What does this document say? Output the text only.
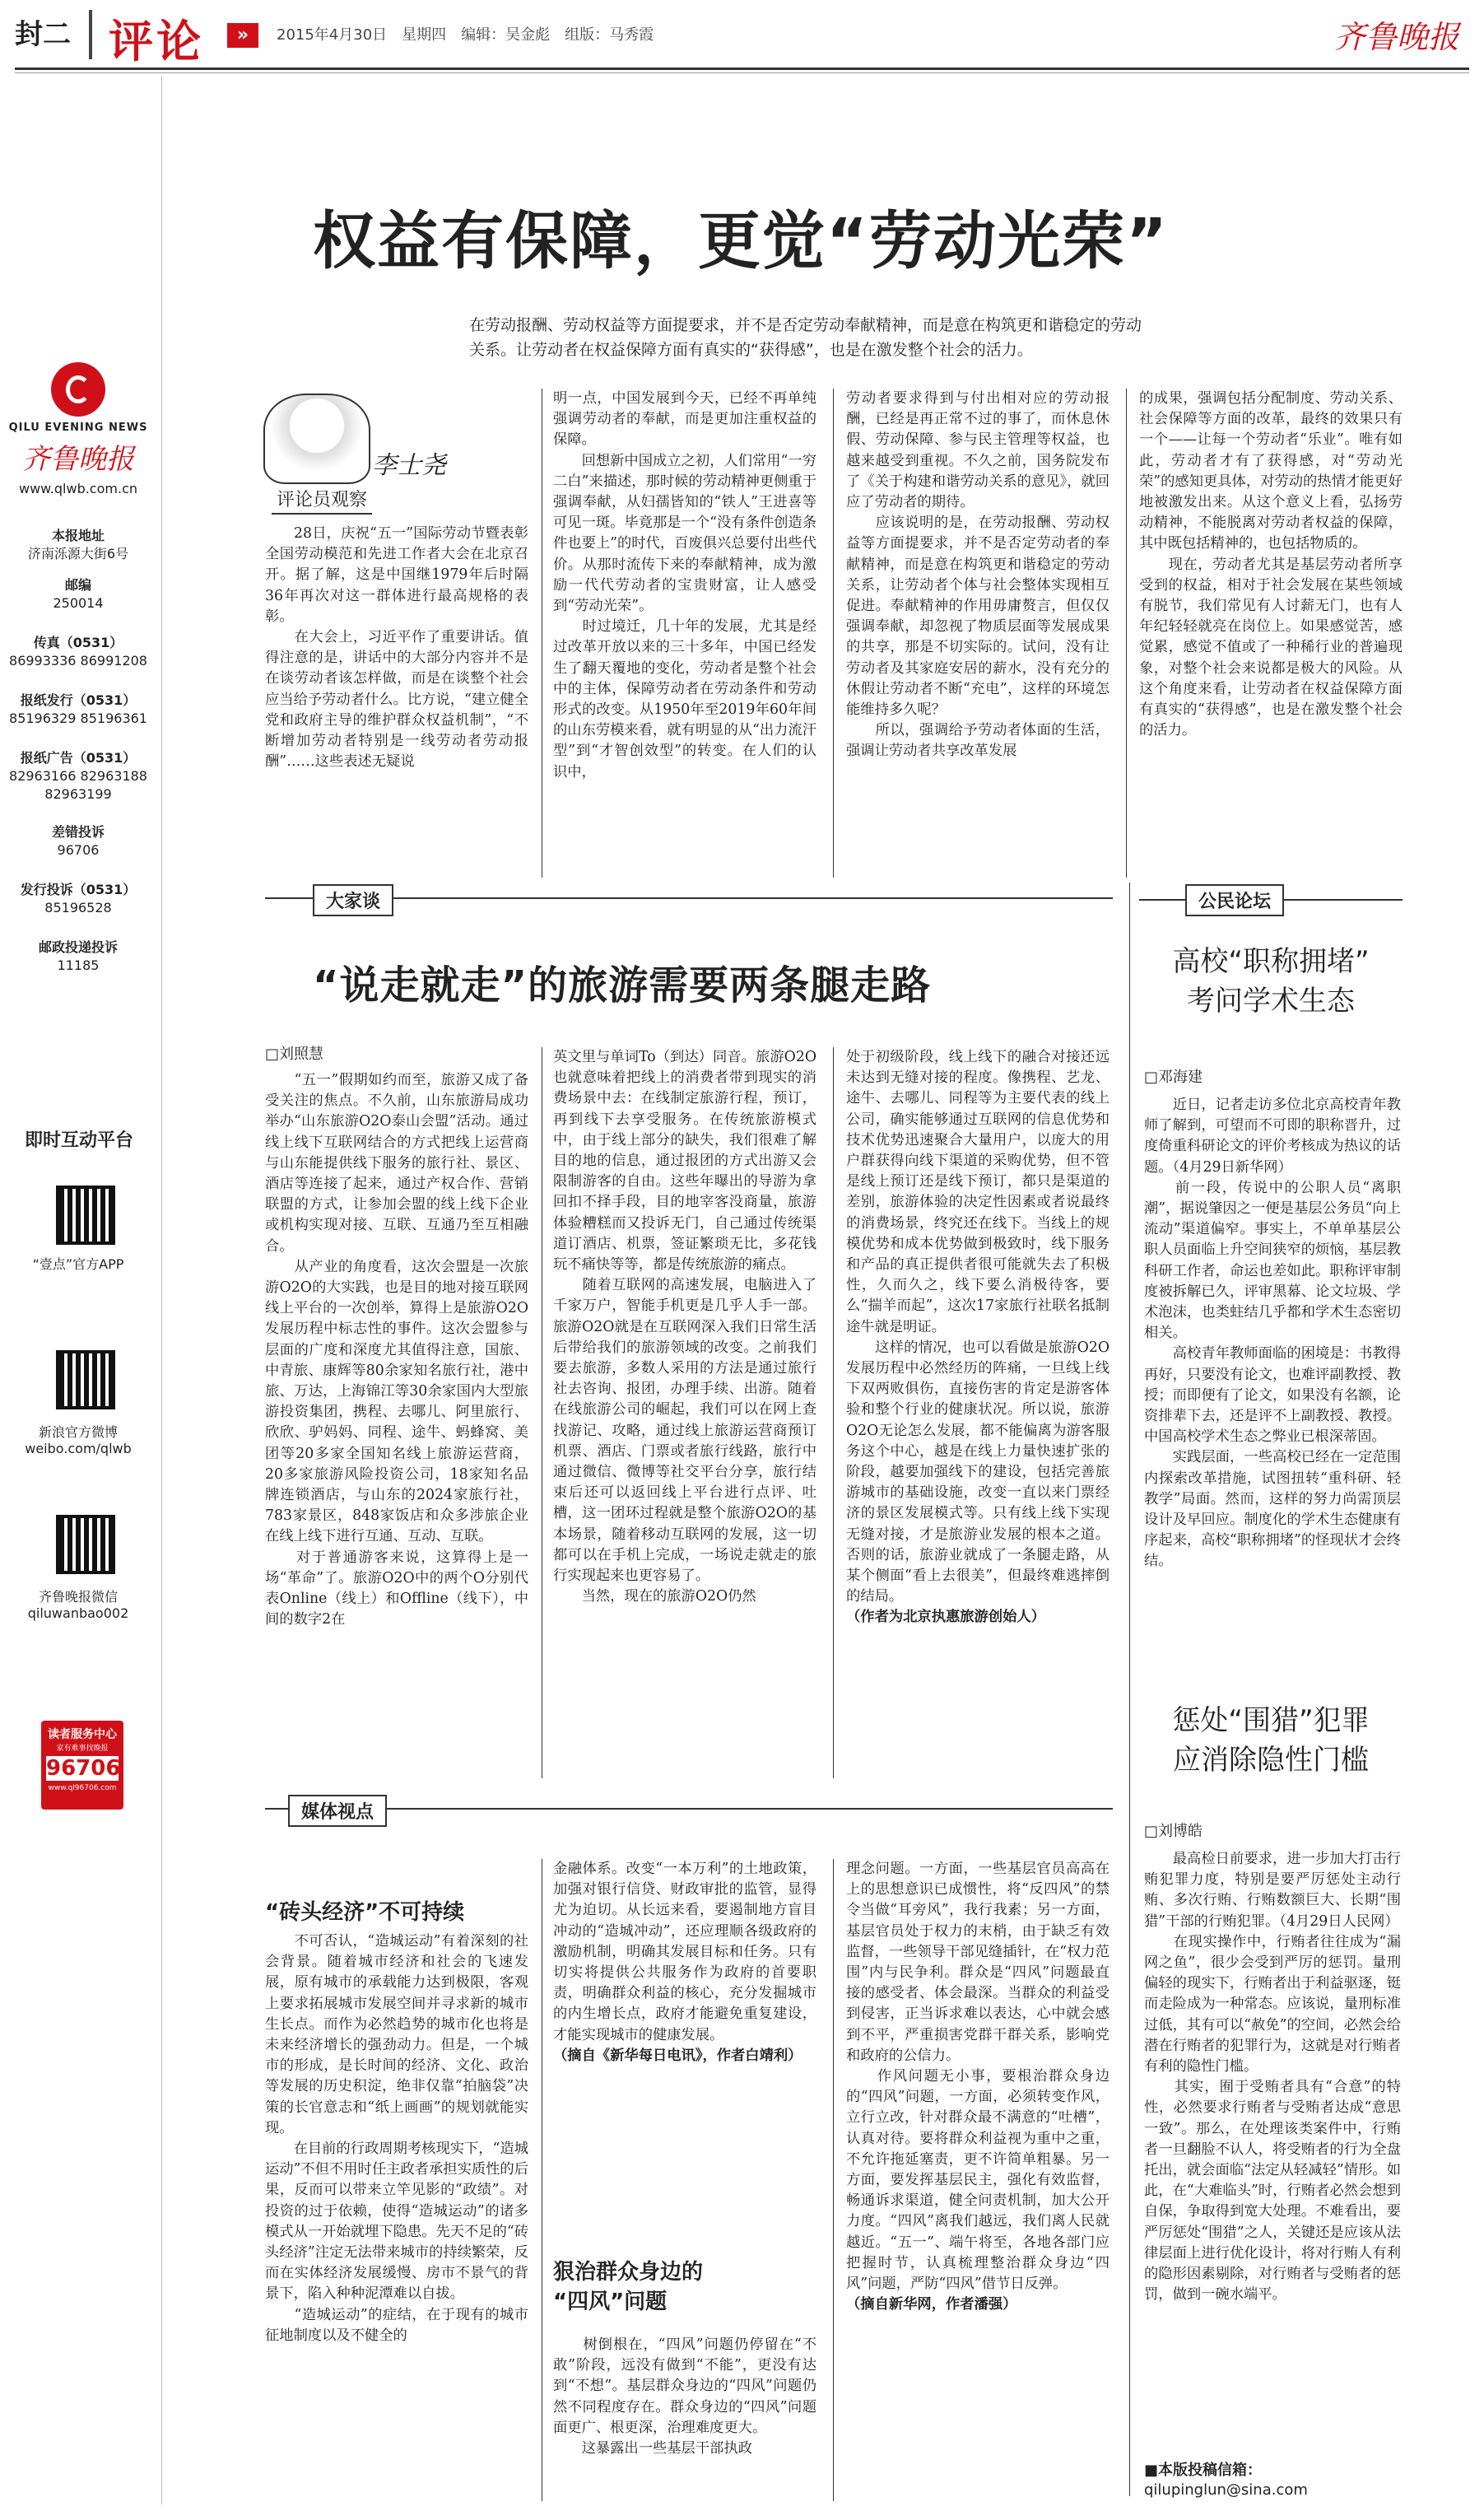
封二 评论	»	2015年4月30日　星期四　编辑：吴金彪　组版：马秀霞	齐鲁晚报
QILU EVENING NEWS
齐鲁晚报
www.qlwb.com.cn
本报地址
济南泺源大街6号
邮编
250014
传真（0531）
86993336 86991208
报纸发行（0531）
85196329 85196361
报纸广告（0531）
82963166 82963188
82963199
差错投诉
96706
发行投诉（0531）
85196528
邮政投递投诉
11185
即时互动平台
“壹点”官方APP
新浪官方微博
weibo.com/qlwb
齐鲁晚报微信
qiluwanbao002
读者服务中心
家有难事找晚报
96706
www.ql96706.com
权益有保障，更觉“劳动光荣”
在劳动报酬、劳动权益等方面提要求，并不是否定劳动奉献精神，而是意在构筑更和谐稳定的劳动关系。让劳动者在权益保障方面有真实的“获得感”，也是在激发整个社会的活力。
李士尧
评论员观察
　　28日，庆祝“五一”国际劳动节暨表彰全国劳动模范和先进工作者大会在北京召开。据了解，这是中国继1979年后时隔36年再次对这一群体进行最高规格的表彰。
　　在大会上，习近平作了重要讲话。值得注意的是，讲话中的大部分内容并不是在谈劳动者该怎样做，而是在谈整个社会应当给予劳动者什么。比方说，“建立健全党和政府主导的维护群众权益机制”，“不断增加劳动者特别是一线劳动者劳动报酬”……这些表述无疑说
明一点，中国发展到今天，已经不再单纯强调劳动者的奉献，而是更加注重权益的保障。
　　回想新中国成立之初，人们常用“一穷二白”来描述，那时候的劳动精神更侧重于强调奉献，从妇孺皆知的“铁人”王进喜等可见一斑。毕竟那是一个“没有条件创造条件也要上”的时代，百废俱兴总要付出些代价。从那时流传下来的奉献精神，成为激励一代代劳动者的宝贵财富，让人感受到“劳动光荣”。
　　时过境迁，几十年的发展，尤其是经过改革开放以来的三十多年，中国已经发生了翻天覆地的变化，劳动者是整个社会中的主体，保障劳动者在劳动条件和劳动形式的改变。从1950年至2019年60年间的山东劳模来看，就有明显的从“出力流汗型”到“才智创效型”的转变。在人们的认识中，
劳动者要求得到与付出相对应的劳动报酬，已经是再正常不过的事了，而休息休假、劳动保障、参与民主管理等权益，也越来越受到重视。不久之前，国务院发布了《关于构建和谐劳动关系的意见》，就回应了劳动者的期待。
　　应该说明的是，在劳动报酬、劳动权益等方面提要求，并不是否定劳动者的奉献精神，而是意在构筑更和谐稳定的劳动关系，让劳动者个体与社会整体实现相互促进。奉献精神的作用毋庸赘言，但仅仅强调奉献，却忽视了物质层面等发展成果的共享，那是不切实际的。试问，没有让劳动者及其家庭安居的薪水，没有充分的休假让劳动者不断“充电”，这样的环境怎能维持多久呢？
　　所以，强调给予劳动者体面的生活，强调让劳动者共享改革发展
的成果，强调包括分配制度、劳动关系、社会保障等方面的改革，最终的效果只有一个——让每一个劳动者“乐业”。唯有如此，劳动者才有了获得感，对“劳动光荣”的感知更具体，对劳动的热情才能更好地被激发出来。从这个意义上看，弘扬劳动精神，不能脱离对劳动者权益的保障，其中既包括精神的，也包括物质的。
　　现在，劳动者尤其是基层劳动者所享受到的权益，相对于社会发展在某些领域有脱节，我们常见有人讨薪无门，也有人年纪轻轻就亮在岗位上。如果感觉苦，感觉累，感觉不值或了一种稀行业的普遍现象，对整个社会来说都是极大的风险。从这个角度来看，让劳动者在权益保障方面有真实的“获得感”，也是在激发整个社会的活力。
大家谈
“说走就走”的旅游需要两条腿走路
□刘照慧
　　“五一”假期如约而至，旅游又成了备受关注的焦点。不久前，山东旅游局成功举办“山东旅游O2O泰山会盟”活动。通过线上线下互联网结合的方式把线上运营商与山东能提供线下服务的旅行社、景区、酒店等连接了起来，通过产权合作、营销联盟的方式，让参加会盟的线上线下企业或机构实现对接、互联、互通乃至互相融合。
　　从产业的角度看，这次会盟是一次旅游O2O的大实践，也是目的地对接互联网线上平台的一次创举，算得上是旅游O2O发展历程中标志性的事件。这次会盟参与层面的广度和深度尤其值得注意，国旅、中青旅、康辉等80余家知名旅行社，港中旅、万达，上海锦江等30余家国内大型旅游投资集团，携程、去哪儿、阿里旅行、欣欣、驴妈妈、同程、途牛、蚂蜂窝、美团等20多家全国知名线上旅游运营商，20多家旅游风险投资公司，18家知名品牌连锁酒店，与山东的2024家旅行社，783家景区，848家饭店和众多涉旅企业在线上线下进行互通、互动、互联。
　　对于普通游客来说，这算得上是一场“革命”了。旅游O2O中的两个O分别代表Online（线上）和Offline（线下），中间的数字2在
英文里与单词To（到达）同音。旅游O2O也就意味着把线上的消费者带到现实的消费场景中去：在线制定旅游行程，预订，再到线下去享受服务。在传统旅游模式中，由于线上部分的缺失，我们很难了解目的地的信息，通过报团的方式出游又会限制游客的自由。这些年曝出的导游为拿回扣不择手段，目的地宰客没商量，旅游体验糟糕而又投诉无门，自己通过传统渠道订酒店、机票，签证繁琐无比，多花钱玩不痛快等等，都是传统旅游的痛点。
　　随着互联网的高速发展，电脑进入了千家万户，智能手机更是几乎人手一部。旅游O2O就是在互联网深入我们日常生活后带给我们的旅游领域的改变。之前我们要去旅游，多数人采用的方法是通过旅行社去咨询、报团，办理手续、出游。随着在线旅游公司的崛起，我们可以在网上查找游记、攻略，通过线上旅游运营商预订机票、酒店、门票或者旅行线路，旅行中通过微信、微博等社交平台分享，旅行结束后还可以返回线上平台进行点评、吐槽，这一团环过程就是整个旅游O2O的基本场景，随着移动互联网的发展，这一切都可以在手机上完成，一场说走就走的旅行实现起来也更容易了。
　　当然，现在的旅游O2O仍然
处于初级阶段，线上线下的融合对接还远未达到无缝对接的程度。像携程、艺龙、途牛、去哪儿、同程等为主要代表的线上公司，确实能够通过互联网的信息优势和技术优势迅速聚合大量用户，以庞大的用户群获得向线下渠道的采购优势，但不管是线上预订还是线下预订，都只是渠道的差别，旅游体验的决定性因素或者说最终的消费场景，终究还在线下。当线上的规模优势和成本优势做到极致时，线下服务和产品的真正提供者很可能就失去了积极性，久而久之，线下要么消极待客，要么“揣羊而起”，这次17家旅行社联名抵制途牛就是明证。
　　这样的情况，也可以看做是旅游O2O发展历程中必然经历的阵痛，一旦线上线下双两败俱伤，直接伤害的肯定是游客体验和整个行业的健康状况。所以说，旅游O2O无论怎么发展，都不能偏离为游客服务这个中心，越是在线上力量快速扩张的阶段，越要加强线下的建设，包括完善旅游城市的基础设施，改变一直以来门票经济的景区发展模式等。只有线上线下实现无缝对接，才是旅游业发展的根本之道。否则的话，旅游业就成了一条腿走路，从某个侧面“看上去很美”，但最终难逃摔倒的结局。
（作者为北京执惠旅游创始人）
公民论坛
高校“职称拥堵”
考问学术生态
□邓海建
　　近日，记者走访多位北京高校青年教师了解到，可望而不可即的职称晋升，过度倚重科研论文的评价考核成为热议的话题。（4月29日新华网）
　　前一段，传说中的公职人员“离职潮”，据说肇因之一便是基层公务员“向上流动”渠道偏窄。事实上，不单单基层公职人员面临上升空间狭窄的烦恼，基层教科研工作者，命运也差如此。职称评审制度被拆解已久，评审黑幕、论文垃圾、学术泡沫，也类蛀结几乎都和学术生态密切相关。
　　高校青年教师面临的困境是：书教得再好，只要没有论文，也难评副教授、教授；而即便有了论文，如果没有名额，论资排辈下去，还是评不上副教授、教授。中国高校学术生态之弊业已根深蒂固。
　　实践层面，一些高校已经在一定范围内探索改革措施，试图扭转“重科研、轻教学”局面。然而，这样的努力尚需顶层设计及早回应。制度化的学术生态健康有序起来，高校“职称拥堵”的怪现状才会终结。
惩处“围猎”犯罪
应消除隐性门槛
□刘博皓
　　最高检日前要求，进一步加大打击行贿犯罪力度，特别是要严厉惩处主动行贿、多次行贿、行贿数额巨大、长期“围猎”干部的行贿犯罪。（4月29日人民网）
　　在现实操作中，行贿者往往成为“漏网之鱼”，很少会受到严厉的惩罚。量刑偏轻的现实下，行贿者出于利益驱逐，铤而走险成为一种常态。应该说，量刑标准过低，其有可以“赦免”的空间，必然会给潜在行贿者的犯罪行为，这就是对行贿者有利的隐性门槛。
　　其实，囿于受贿者具有“合意”的特性，必然要求行贿者与受贿者达成“意思一致”。那么，在处理该类案件中，行贿者一旦翻脸不认人，将受贿者的行为全盘托出，就会面临“法定从轻减轻”情形。如此，在“大难临头”时，行贿者必然会想到自保，争取得到宽大处理。不难看出，要严厉惩处“围猎”之人，关键还是应该从法律层面上进行优化设计，将对行贿人有利的隐形因素剔除，对行贿者与受贿者的惩罚，做到一碗水端平。
■本版投稿信箱：
qilupinglun@sina.com
媒体视点
“砖头经济”不可持续
　　不可否认，“造城运动”有着深刻的社会背景。随着城市经济和社会的飞速发展，原有城市的承载能力达到极限，客观上要求拓展城市发展空间并寻求新的城市生长点。而作为必然趋势的城市化也将是未来经济增长的强劲动力。但是，一个城市的形成，是长时间的经济、文化、政治等发展的历史积淀，绝非仅靠“拍脑袋”决策的长官意志和“纸上画画”的规划就能实现。
　　在目前的行政周期考核现实下，“造城运动”不但不用时任主政者承担实质性的后果，反而可以带来立竿见影的“政绩”。对投资的过于依赖，使得“造城运动”的诸多模式从一开始就埋下隐患。先天不足的“砖头经济”注定无法带来城市的持续繁荣，反而在实体经济发展缓慢、房市不景气的背景下，陷入种种泥潭难以自拔。
　　“造城运动”的症结，在于现有的城市征地制度以及不健全的
金融体系。改变“一本万利”的土地政策，加强对银行信贷、财政审批的监管，显得尤为迫切。从长远来看，要遏制地方盲目冲动的“造城冲动”，还应理顺各级政府的激励机制，明确其发展目标和任务。只有切实将提供公共服务作为政府的首要职责，明确群众利益的核心，充分发掘城市的内生增长点，政府才能避免重复建设，才能实现城市的健康发展。
（摘自《新华每日电讯》，作者白靖利）
狠治群众身边的
“四风”问题
　　树倒根在，“四风”问题仍停留在“不敢”阶段，远没有做到“不能”，更没有达到“不想”。基层群众身边的“四风”问题仍然不同程度存在。群众身边的“四风”问题面更广、根更深，治理难度更大。
　　这暴露出一些基层干部执政
理念问题。一方面，一些基层官员高高在上的思想意识已成惯性，将“反四风”的禁令当做“耳旁风”，我行我素；另一方面，基层官员处于权力的末梢，由于缺乏有效监督，一些领导干部见缝插针，在“权力范围”内与民争利。群众是“四风”问题最直接的感受者、体会最深。当群众的利益受到侵害，正当诉求难以表达，心中就会感到不平，严重损害党群干群关系，影响党和政府的公信力。
　　作风问题无小事，要根治群众身边的“四风”问题，一方面，必须转变作风，立行立改，针对群众最不满意的“吐槽”，认真对待。要将群众利益视为重中之重，不允许拖延塞责，更不许简单粗暴。另一方面，要发挥基层民主，强化有效监督，畅通诉求渠道，健全问责机制，加大公开力度。“四风”离我们越远，我们离人民就越近。“五一”、端午将至，各地各部门应把握时节，认真梳理整治群众身边“四风”问题，严防“四风”借节日反弹。
（摘自新华网，作者潘强）
